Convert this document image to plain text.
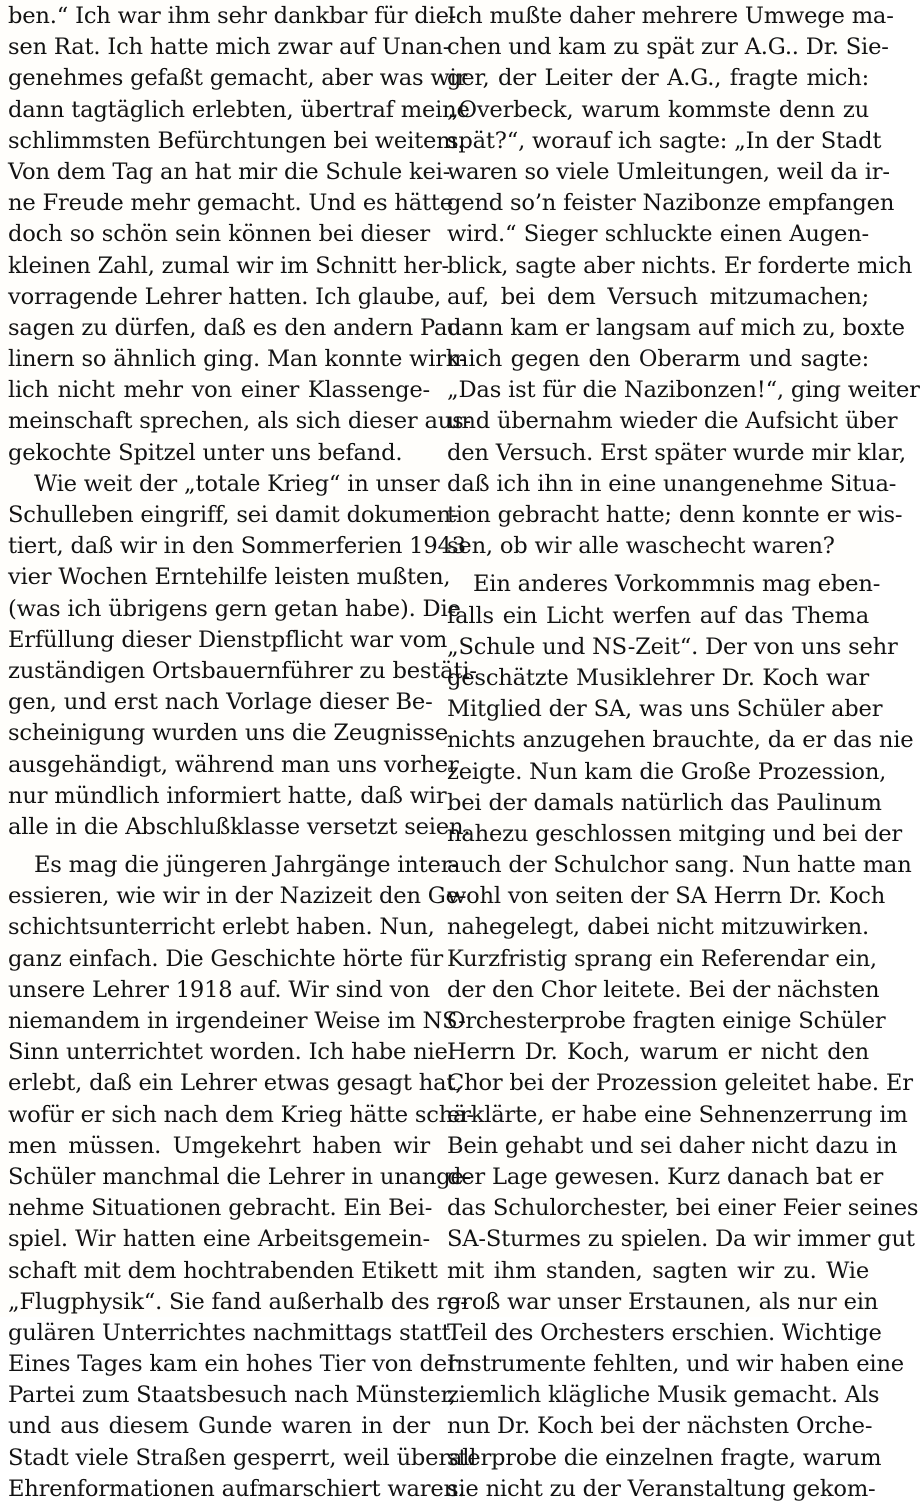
ben.“ Ich war ihm sehr dankbar für die-
sen Rat. Ich hatte mich zwar auf Unan-
genehmes gefaßt gemacht, aber was wir
dann tagtäglich erlebten, übertraf meine
schlimmsten Befürchtungen bei weitem.
Von dem Tag an hat mir die Schule kei-
ne Freude mehr gemacht. Und es hätte
doch so schön sein können bei dieser
kleinen Zahl, zumal wir im Schnitt her-
vorragende Lehrer hatten. Ich glaube,
sagen zu dürfen, daß es den andern Pau-
linern so ähnlich ging. Man konnte wirk-
lich nicht mehr von einer Klassenge-
meinschaft sprechen, als sich dieser aus-
gekochte Spitzel unter uns befand.
Wie weit der „totale Krieg“ in unser
Schulleben eingriff, sei damit dokumen-
tiert, daß wir in den Sommerferien 1943
vier Wochen Erntehilfe leisten mußten,
(was ich übrigens gern getan habe). Die
Erfüllung dieser Dienstpflicht war vom
zuständigen Ortsbauernführer zu bestäti-
gen, und erst nach Vorlage dieser Be-
scheinigung wurden uns die Zeugnisse
ausgehändigt, während man uns vorher
nur mündlich informiert hatte, daß wir
alle in die Abschlußklasse versetzt seien.
Es mag die jüngeren Jahrgänge inter-
essieren, wie wir in der Nazizeit den Ge-
schichtsunterricht erlebt haben. Nun,
ganz einfach. Die Geschichte hörte für
unsere Lehrer 1918 auf. Wir sind von
niemandem in irgendeiner Weise im NS-
Sinn unterrichtet worden. Ich habe nie
erlebt, daß ein Lehrer etwas gesagt hat,
wofür er sich nach dem Krieg hätte schä-
men müssen. Umgekehrt haben wir
Schüler manchmal die Lehrer in unange-
nehme Situationen gebracht. Ein Bei-
spiel. Wir hatten eine Arbeitsgemein-
schaft mit dem hochtrabenden Etikett
„Flugphysik“. Sie fand außerhalb des re-
gulären Unterrichtes nachmittags statt.
Eines Tages kam ein hohes Tier von der
Partei zum Staatsbesuch nach Münster,
und aus diesem Gunde waren in der
Stadt viele Straßen gesperrt, weil überall
Ehrenformationen aufmarschiert waren.
Ich mußte daher mehrere Umwege ma-
chen und kam zu spät zur A.G.. Dr. Sie-
ger, der Leiter der A.G., fragte mich:
„Overbeck, warum kommste denn zu
spät?“, worauf ich sagte: „In der Stadt
waren so viele Umleitungen, weil da ir-
gend so’n feister Nazibonze empfangen
wird.“ Sieger schluckte einen Augen-
blick, sagte aber nichts. Er forderte mich
auf, bei dem Versuch mitzumachen;
dann kam er langsam auf mich zu, boxte
mich gegen den Oberarm und sagte:
„Das ist für die Nazibonzen!“, ging weiter
und übernahm wieder die Aufsicht über
den Versuch. Erst später wurde mir klar,
daß ich ihn in eine unangenehme Situa-
tion gebracht hatte; denn konnte er wis-
sen, ob wir alle waschecht waren?
Ein anderes Vorkommnis mag eben-
falls ein Licht werfen auf das Thema
„Schule und NS-Zeit“. Der von uns sehr
geschätzte Musiklehrer Dr. Koch war
Mitglied der SA, was uns Schüler aber
nichts anzugehen brauchte, da er das nie
zeigte. Nun kam die Große Prozession,
bei der damals natürlich das Paulinum
nahezu geschlossen mitging und bei der
auch der Schulchor sang. Nun hatte man
wohl von seiten der SA Herrn Dr. Koch
nahegelegt, dabei nicht mitzuwirken.
Kurzfristig sprang ein Referendar ein,
der den Chor leitete. Bei der nächsten
Orchesterprobe fragten einige Schüler
Herrn Dr. Koch, warum er nicht den
Chor bei der Prozession geleitet habe. Er
erklärte, er habe eine Sehnenzerrung im
Bein gehabt und sei daher nicht dazu in
der Lage gewesen. Kurz danach bat er
das Schulorchester, bei einer Feier seines
SA-Sturmes zu spielen. Da wir immer gut
mit ihm standen, sagten wir zu. Wie
groß war unser Erstaunen, als nur ein
Teil des Orchesters erschien. Wichtige
Instrumente fehlten, und wir haben eine
ziemlich klägliche Musik gemacht. Als
nun Dr. Koch bei der nächsten Orche-
sterprobe die einzelnen fragte, warum
sie nicht zu der Veranstaltung gekom-
